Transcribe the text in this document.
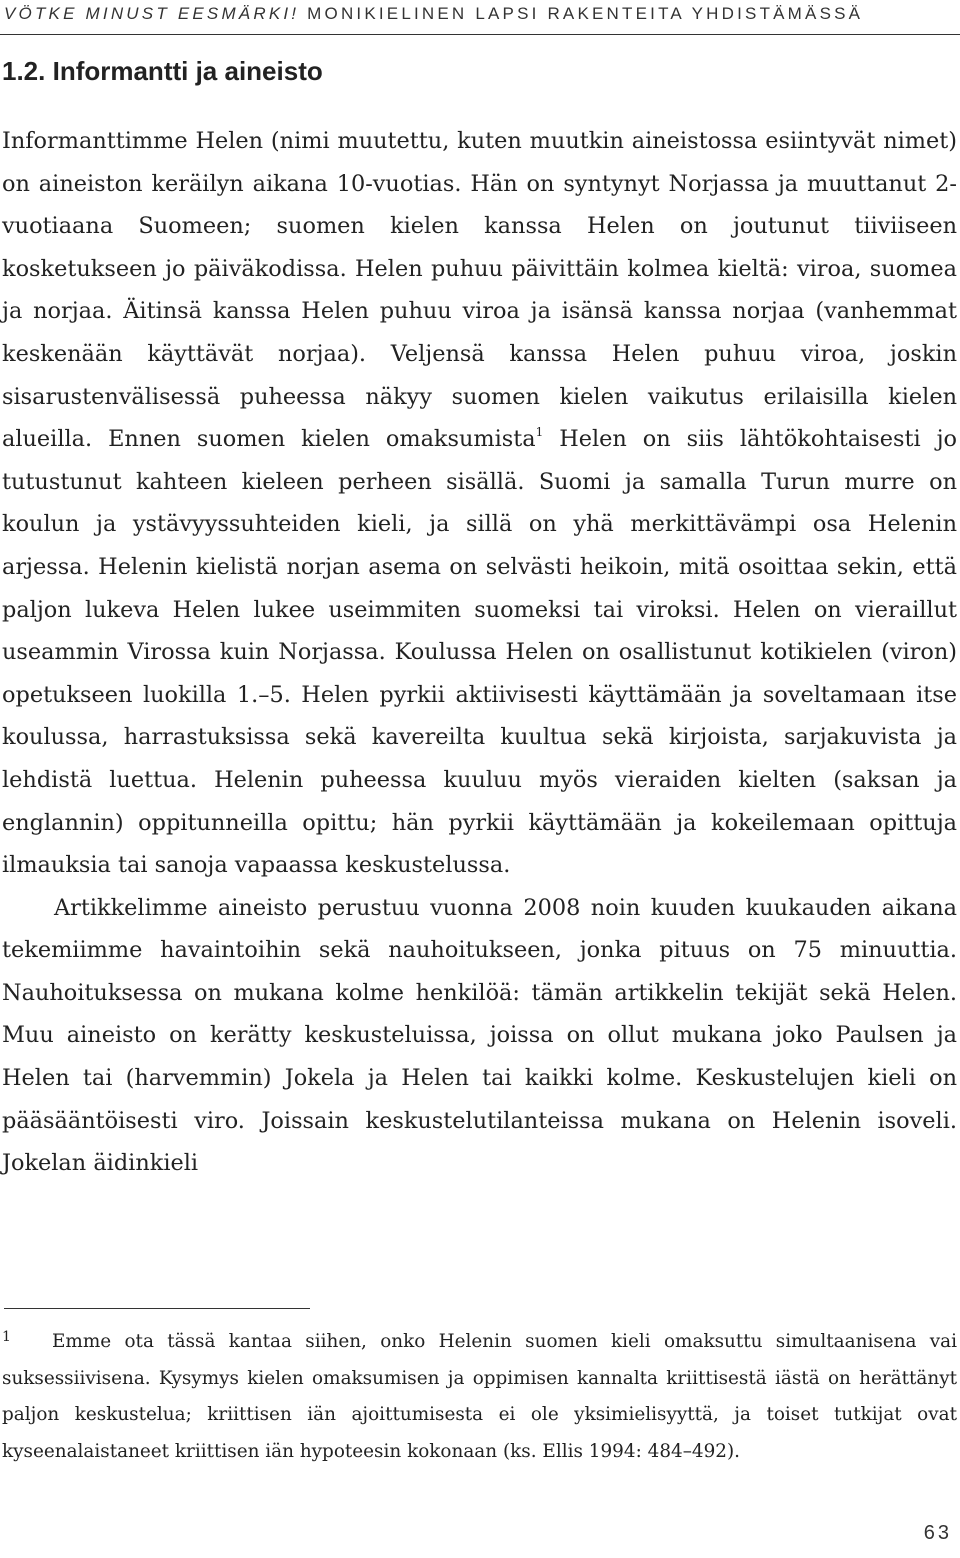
VÖTKE MINUST EESMÄRKI! MONIKIELINEN LAPSI RAKENTEITA YHDISTÄMÄSSÄ
1.2. Informantti ja aineisto

Informanttimme Helen (nimi muutettu, kuten muutkin aineistossa esiintyvät nimet) on aineiston keräilyn aikana 10-vuotias. Hän on syntynyt Norjassa ja muuttanut 2-vuotiaana Suomeen; suomen kielen kanssa Helen on joutunut tiiviiseen kosketukseen jo päiväkodissa. Helen puhuu päivittäin kolmea kieltä: viroa, suomea ja norjaa. Äitinsä kanssa Helen puhuu viroa ja isänsä kanssa norjaa (vanhemmat keskenään käyttävät norjaa). Veljensä kanssa Helen puhuu viroa, joskin sisarustenvälisessä puheessa näkyy suomen kielen vaikutus erilaisilla kielen alueilla. Ennen suomen kielen omaksumista$^1$ Helen on siis lähtökohtaisesti jo tutustunut kahteen kieleen perheen sisällä. Suomi ja samalla Turun murre on koulun ja ystävyyssuhteiden kieli, ja sillä on yhä merkittävämpi osa Helenin arjessa. Helenin kielistä norjan asema on selvästi heikoin, mitä osoittaa sekin, että paljon lukeva Helen lukee useimmiten suomeksi tai viroksi. Helen on vieraillut useammin Virossa kuin Norjassa. Koulussa Helen on osallistunut kotikielen (viron) opetukseen luokilla 1.–5. Helen pyrkii aktiivisesti käyttämään ja soveltamaan itse koulussa, harrastuksissa sekä kavereilta kuultua sekä kirjoista, sarjakuvista ja lehdistä luettua. Helenin puheessa kuuluu myös vieraiden kielten (saksan ja englannin) oppitunneilla opittu; hän pyrkii käyttämään ja kokeilemaan opittuja ilmauksia tai sanoja vapaassa keskustelussa.

Artikkelimme aineisto perustuu vuonna 2008 noin kuuden kuukauden aikana tekemiimme havaintoihin sekä nauhoitukseen, jonka pituus on 75 minuuttia. Nauhoituksessa on mukana kolme henkilöä: tämän artikkelin tekijät sekä Helen. Muu aineisto on kerätty keskusteluissa, joissa on ollut mukana joko Paulsen ja Helen tai (harvemmin) Jokela ja Helen tai kaikki kolme. Keskustelujen kieli on pääsääntöisesti viro. Joissain keskustelutilanteissa mukana on Helenin isoveli. Jokelan äidinkieli

1 Emme ota tässä kantaa siihen, onko Helenin suomen kieli omaksuttu simultaanisena vai suksessiivisena. Kysymys kielen omaksumisen ja oppimisen kannalta kriittisestä iästä on herättänyt paljon keskustelua; kriittisen iän ajoittumisesta ei ole yksimielisyyttä, ja toiset tutkijat ovat kyseenalaistaneet kriittisen iän hypoteesin kokonaan (ks. Ellis 1994: 484–492).

63
